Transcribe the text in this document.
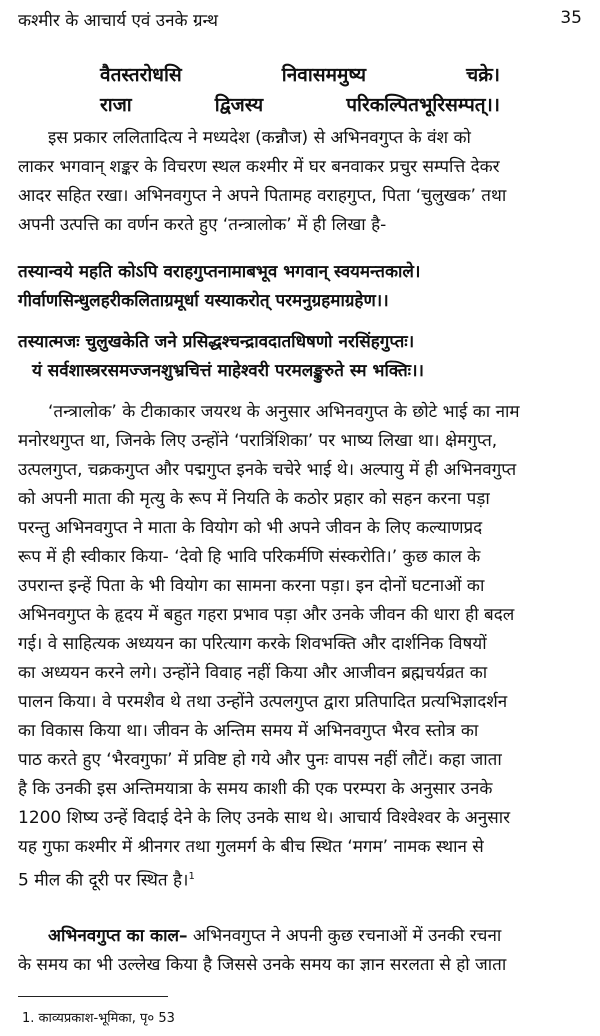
कश्मीर के आचार्य एवं उनके ग्रन्थ	35
वैतस्तरोधसि	निवासममुष्य	चक्रे।
राजा	द्विजस्य	परिकल्पितभूरिसम्पत्।।
इस प्रकार ललितादित्य ने मध्यदेश (कन्नौज) से अभिनवगुप्त के वंश को
लाकर भगवान् शङ्कर के विचरण स्थल कश्मीर में घर बनवाकर प्रचुर सम्पत्ति देकर
आदर सहित रखा। अभिनवगुप्त ने अपने पितामह वराहगुप्त, पिता ‘चुलुखक’ तथा
अपनी उत्पत्ति का वर्णन करते हुए ‘तन्त्रालोक’ में ही लिखा है-
तस्यान्वये महति कोऽपि वराहगुप्तनामाबभूव भगवान् स्वयमन्तकाले।
गीर्वाणसिन्धुलहरीकलिताग्रमूर्धा यस्याकरोत् परमनुग्रहमाग्रहेण।।
तस्यात्मजः चुलुखकेति जने प्रसिद्धश्चन्द्रावदातधिषणो नरसिंहगुप्तः।
यं सर्वशास्त्ररसमज्जनशुभ्रचित्तं माहेश्वरी परमलङ्कुरुते स्म भक्तिः।।
‘तन्त्रालोक’ के टीकाकार जयरथ के अनुसार अभिनवगुप्त के छोटे भाई का नाम
मनोरथगुप्त था, जिनके लिए उन्होंने ‘परात्रिंशिका’ पर भाष्य लिखा था। क्षेमगुप्त,
उत्पलगुप्त, चक्रकगुप्त और पद्मगुप्त इनके चचेरे भाई थे। अल्पायु में ही अभिनवगुप्त
को अपनी माता की मृत्यु के रूप में नियति के कठोर प्रहार को सहन करना पड़ा
परन्तु अभिनवगुप्त ने माता के वियोग को भी अपने जीवन के लिए कल्याणप्रद
रूप में ही स्वीकार किया- ‘देवो हि भावि परिकर्मणि संस्करोति।’ कुछ काल के
उपरान्त इन्हें पिता के भी वियोग का सामना करना पड़ा। इन दोनों घटनाओं का
अभिनवगुप्त के हृदय में बहुत गहरा प्रभाव पड़ा और उनके जीवन की धारा ही बदल
गई। वे साहित्यक अध्ययन का परित्याग करके शिवभक्ति और दार्शनिक विषयों
का अध्ययन करने लगे। उन्होंने विवाह नहीं किया और आजीवन ब्रह्मचर्यव्रत का
पालन किया। वे परमशैव थे तथा उन्होंने उत्पलगुप्त द्वारा प्रतिपादित प्रत्यभिज्ञादर्शन
का विकास किया था। जीवन के अन्तिम समय में अभिनवगुप्त भैरव स्तोत्र का
पाठ करते हुए ‘भैरवगुफा’ में प्रविष्ट हो गये और पुनः वापस नहीं लौटें। कहा जाता
है कि उनकी इस अन्तिमयात्रा के समय काशी की एक परम्परा के अनुसार उनके
1200 शिष्य उन्हें विदाई देने के लिए उनके साथ थे। आचार्य विश्वेश्वर के अनुसार
यह गुफा कश्मीर में श्रीनगर तथा गुलमर्ग के बीच स्थित ‘मगम’ नामक स्थान से
5 मील की दूरी पर स्थित है।$^1$
अभिनवगुप्त का काल– अभिनवगुप्त ने अपनी कुछ रचनाओं में उनकी रचना
के समय का भी उल्लेख किया है जिससे उनके समय का ज्ञान सरलता से हो जाता
1. काव्यप्रकाश-भूमिका, पृ० 53
